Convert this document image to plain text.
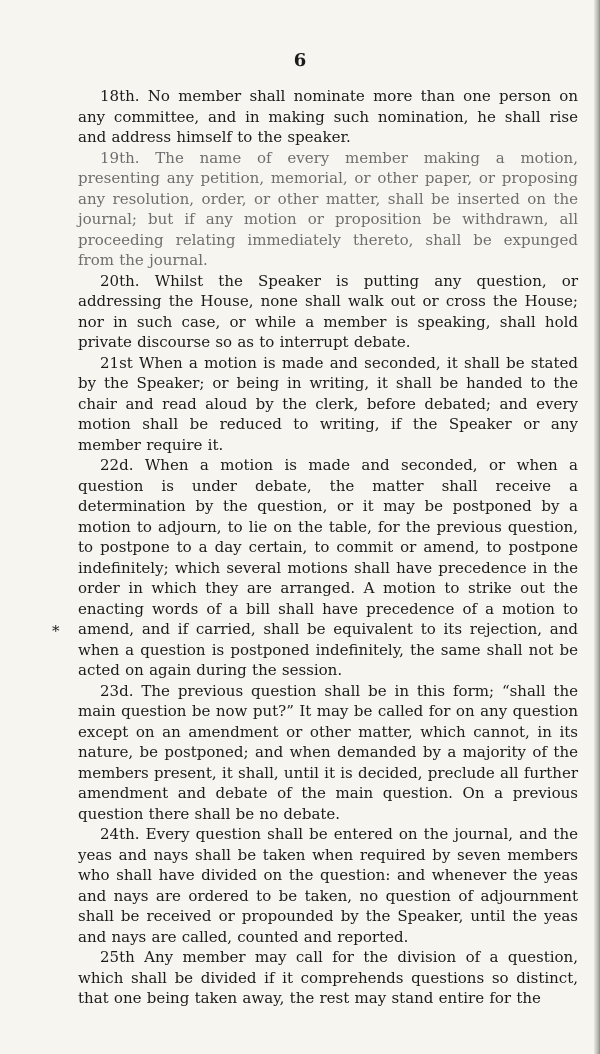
6
*

18th. No member shall nominate more than one person on any committee, and in making such nomination, he shall rise and address himself to the speaker.

19th. The name of every member making a motion, presenting any petition, memorial, or other paper, or proposing any resolution, order, or other matter, shall be inserted on the journal; but if any motion or proposition be withdrawn, all proceeding relating immediately thereto, shall be expunged from the journal.

20th. Whilst the Speaker is putting any question, or addressing the House, none shall walk out or cross the House; nor in such case, or while a member is speaking, shall hold private discourse so as to interrupt debate.

21st When a motion is made and seconded, it shall be stated by the Speaker; or being in writing, it shall be handed to the chair and read aloud by the clerk, before debated; and every motion shall be reduced to writing, if the Speaker or any member require it.

22d. When a motion is made and seconded, or when a question is under debate, the matter shall receive a determination by the question, or it may be postponed by a motion to adjourn, to lie on the table, for the previous question, to postpone to a day certain, to commit or amend, to postpone indefinitely; which several motions shall have precedence in the order in which they are arranged. A motion to strike out the enacting words of a bill shall have precedence of a motion to amend, and if carried, shall be equivalent to its rejection, and when a question is postponed indefinitely, the same shall not be acted on again during the session.

23d. The previous question shall be in this form; “shall the main question be now put?” It may be called for on any question except on an amendment or other matter, which cannot, in its nature, be postponed; and when demanded by a majority of the members present, it shall, until it is decided, preclude all further amendment and debate of the main question. On a previous question there shall be no debate.

24th. Every question shall be entered on the journal, and the yeas and nays shall be taken when required by seven members who shall have divided on the question: and whenever the yeas and nays are ordered to be taken, no question of adjournment shall be received or propounded by the Speaker, until the yeas and nays are called, counted and reported.

25th Any member may call for the division of a question, which shall be divided if it comprehends questions so distinct, that one being taken away, the rest may stand entire for the
